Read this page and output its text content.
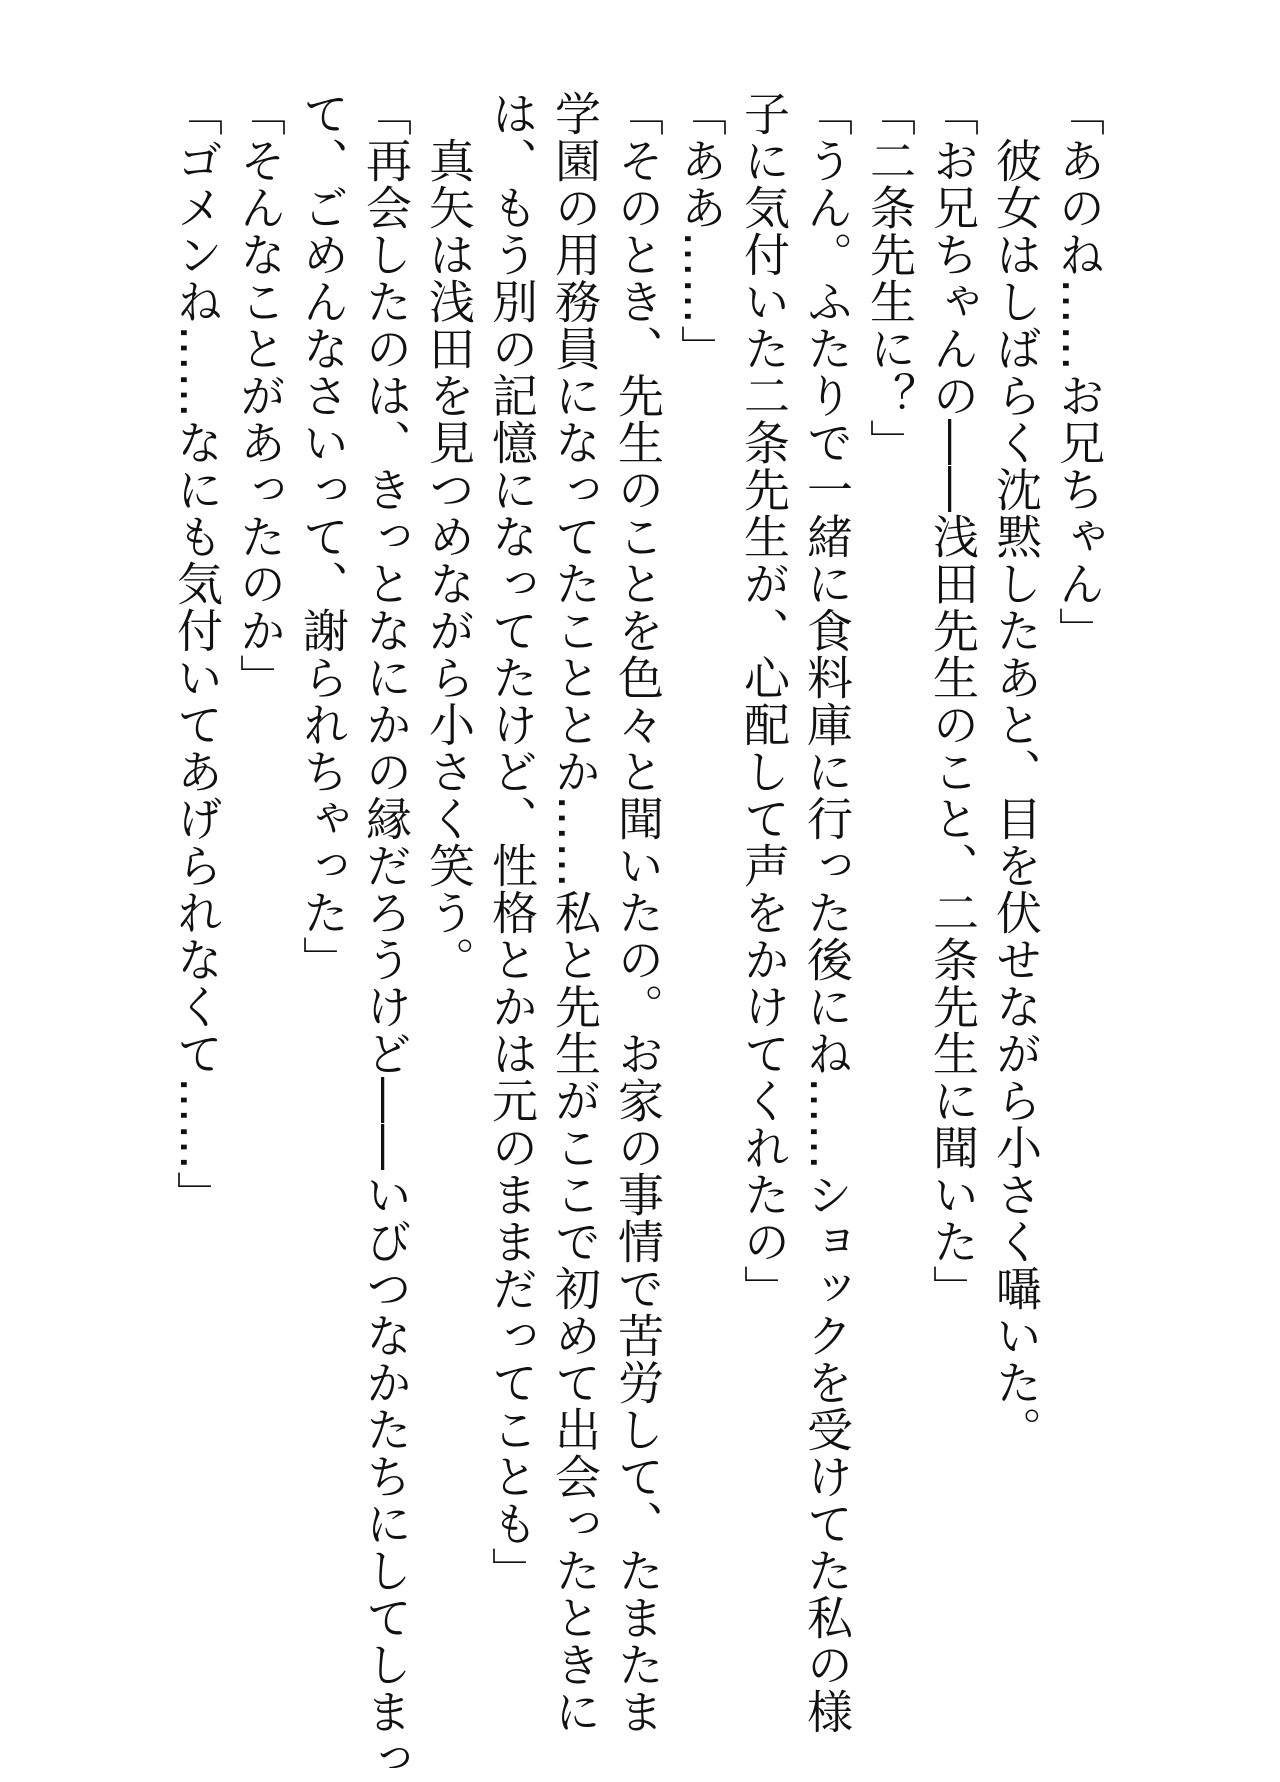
「あのね……お兄ちゃん」
　彼女はしばらく沈黙したあと、目を伏せながら小さく囁いた。
「お兄ちゃんの――浅田先生のこと、二条先生に聞いた」
「二条先生に？」
「うん。ふたりで一緒に食料庫に行った後にね……ショックを受けてた私の様
子に気付いた二条先生が、心配して声をかけてくれたの」
「ああ……」
「そのとき、先生のことを色々と聞いたの。お家の事情で苦労して、たまたま
学園の用務員になってたこととか……私と先生がここで初めて出会ったときに
は、もう別の記憶になってたけど、性格とかは元のままだってことも」
　真矢は浅田を見つめながら小さく笑う。
「再会したのは、きっとなにかの縁だろうけど――いびつなかたちにしてしまっ
て、ごめんなさいって、謝られちゃった」
「そんなことがあったのか」
「ゴメンね……なにも気付いてあげられなくて……」
